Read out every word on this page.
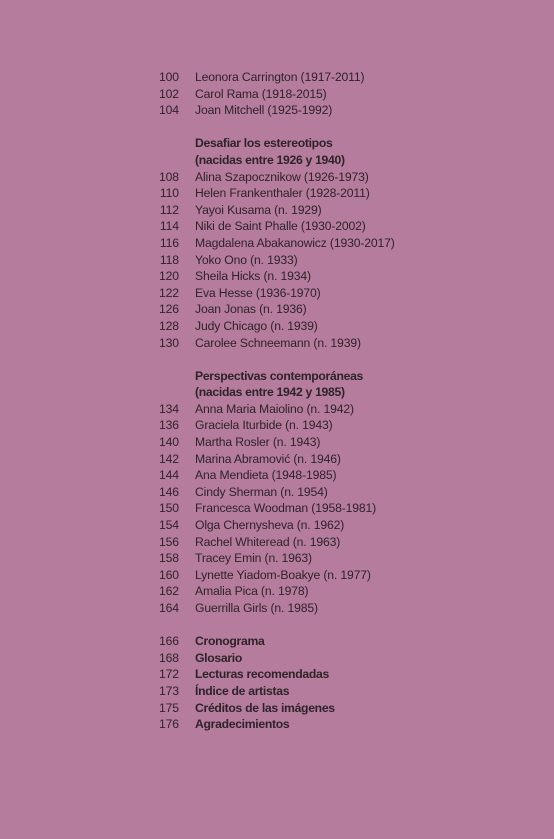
100 Leonora Carrington (1917-2011)
102 Carol Rama (1918-2015)
104 Joan Mitchell (1925-1992)
Desafiar los estereotipos
(nacidas entre 1926 y 1940)
108 Alina Szapocznikow (1926-1973)
110 Helen Frankenthaler (1928-2011)
112 Yayoi Kusama (n. 1929)
114 Niki de Saint Phalle (1930-2002)
116 Magdalena Abakanowicz (1930-2017)
118 Yoko Ono (n. 1933)
120 Sheila Hicks (n. 1934)
122 Eva Hesse (1936-1970)
126 Joan Jonas (n. 1936)
128 Judy Chicago (n. 1939)
130 Carolee Schneemann (n. 1939)
Perspectivas contemporáneas
(nacidas entre 1942 y 1985)
134 Anna Maria Maiolino (n. 1942)
136 Graciela Iturbide (n. 1943)
140 Martha Rosler (n. 1943)
142 Marina Abramović (n. 1946)
144 Ana Mendieta (1948-1985)
146 Cindy Sherman (n. 1954)
150 Francesca Woodman (1958-1981)
154 Olga Chernysheva (n. 1962)
156 Rachel Whiteread (n. 1963)
158 Tracey Emin (n. 1963)
160 Lynette Yiadom-Boakye (n. 1977)
162 Amalia Pica (n. 1978)
164 Guerrilla Girls (n. 1985)
166 Cronograma
168 Glosario
172 Lecturas recomendadas
173 Índice de artistas
175 Créditos de las imágenes
176 Agradecimientos
